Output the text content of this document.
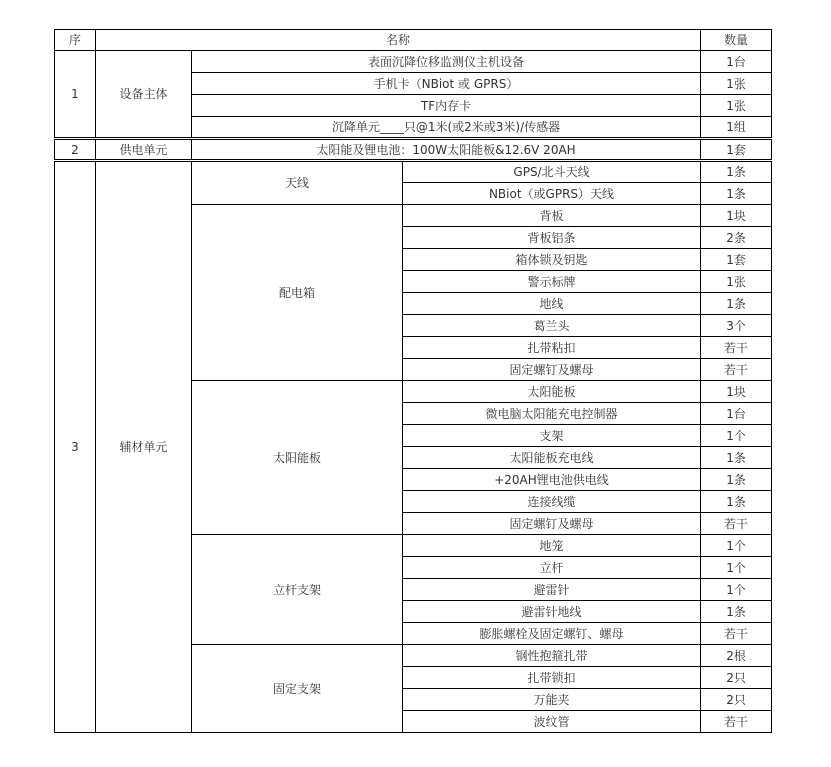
序	名称			数量
1	设备主体	表面沉降位移监测仪主机设备		1台
		手机卡（NBiot 或 GPRS）		1张
		TF内存卡		1张
		沉降单元____只@1米(或2米或3米)/传感器		1组
2	供电单元	太阳能及锂电池：100W太阳能板&12.6V 20AH		1套
3	辅材单元	天线	GPS/北斗天线	1条
			NBiot（或GPRS）天线	1条
		配电箱	背板	1块
			背板铝条	2条
			箱体锁及钥匙	1套
			警示标牌	1张
			地线	1条
			葛兰头	3个
			扎带粘扣	若干
			固定螺钉及螺母	若干
		太阳能板	太阳能板	1块
			微电脑太阳能充电控制器	1台
			支架	1个
			太阳能板充电线	1条
			+20AH锂电池供电线	1条
			连接线缆	1条
			固定螺钉及螺母	若干
		立杆支架	地笼	1个
			立杆	1个
			避雷针	1个
			避雷针地线	1条
			膨胀螺栓及固定螺钉、螺母	若干
		固定支架	钢性抱箍扎带	2根
			扎带锁扣	2只
			万能夹	2只
			波纹管	若干
